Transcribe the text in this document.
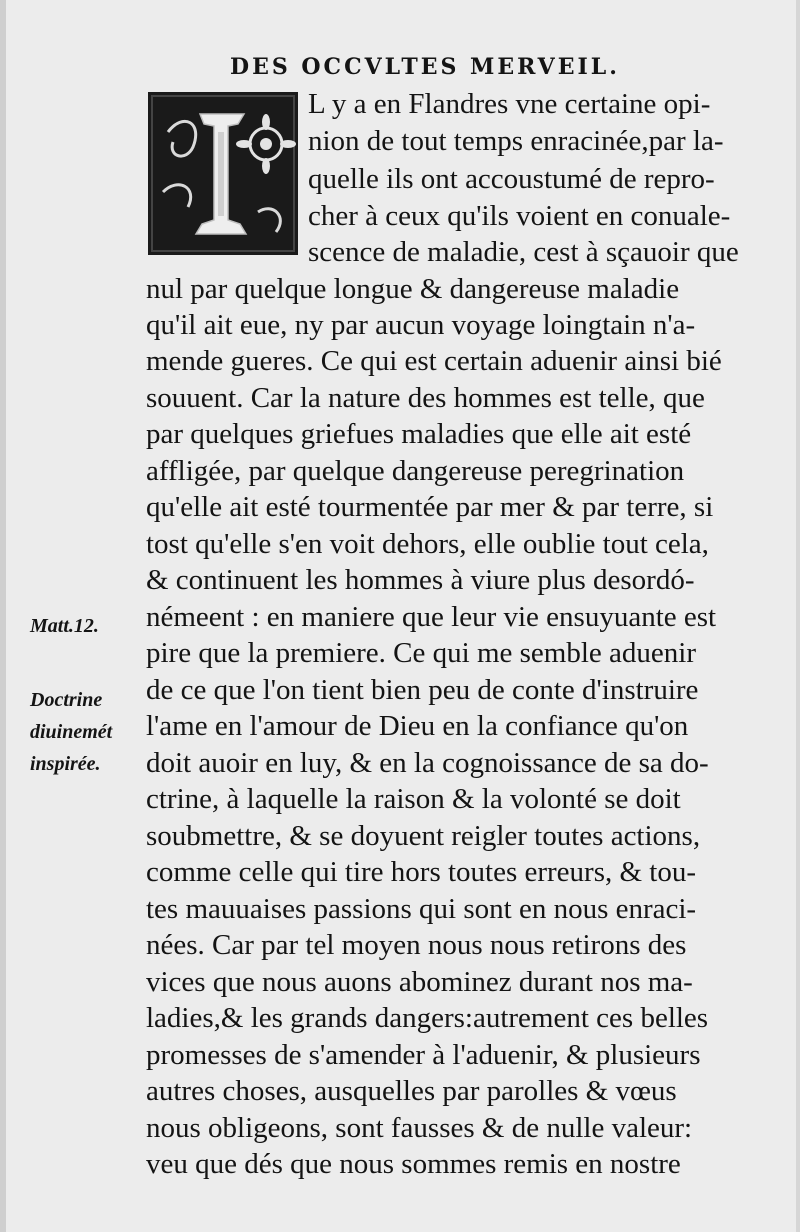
DES OCCVLTES MERVEIL.
L y a en Flandres vne certaine opi-
nion de tout temps enracinée,par la-
quelle ils ont accoustumé de repro-
cher à ceux qu'ils voient en conuale-
scence de maladie, cest à sçauoir que
nul par quelque longue & dangereuse maladie
qu'il ait eue, ny par aucun voyage loingtain n'a-
mende gueres. Ce qui est certain aduenir ainsi bié
souuent. Car la nature des hommes est telle, que
par quelques griefues maladies que elle ait esté
affligée, par quelque dangereuse peregrination
qu'elle ait esté tourmentée par mer & par terre, si
tost qu'elle s'en voit dehors, elle oublie tout cela,
& continuent les hommes à viure plus desordó-
némeent : en maniere que leur vie ensuyuante est
pire que la premiere. Ce qui me semble aduenir
de ce que l'on tient bien peu de conte d'instruire
l'ame en l'amour de Dieu en la confiance qu'on
doit auoir en luy, & en la cognoissance de sa do-
ctrine, à laquelle la raison & la volonté se doit
soubmettre, & se doyuent reigler toutes actions,
comme celle qui tire hors toutes erreurs, & tou-
tes mauuaises passions qui sont en nous enraci-
nées. Car par tel moyen nous nous retirons des
vices que nous auons abominez durant nos ma-
ladies,& les grands dangers:autrement ces belles
promesses de s'amender à l'aduenir, & plusieurs
autres choses, ausquelles par parolles & vœus
nous obligeons, sont fausses & de nulle valeur:
veu que dés que nous sommes remis en nostre
Matt.12.
Doctrine
diuinemét
inspirée.
